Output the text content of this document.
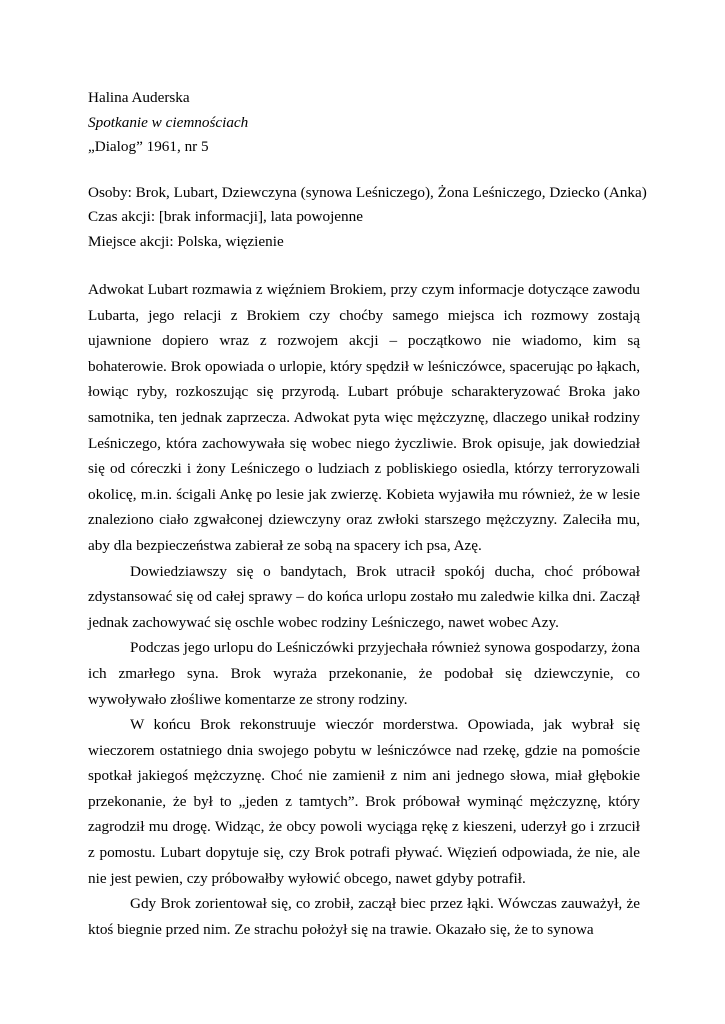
Halina Auderska

Spotkanie w ciemnościach

„Dialog” 1961, nr 5

Osoby: Brok, Lubart, Dziewczyna (synowa Leśniczego), Żona Leśniczego, Dziecko (Anka)

Czas akcji: [brak informacji], lata powojenne

Miejsce akcji: Polska, więzienie

Adwokat Lubart rozmawia z więźniem Brokiem, przy czym informacje dotyczące zawodu Lubarta, jego relacji z Brokiem czy choćby samego miejsca ich rozmowy zostają ujawnione dopiero wraz z rozwojem akcji – początkowo nie wiadomo, kim są bohaterowie. Brok opowiada o urlopie, który spędził w leśniczówce, spacerując po łąkach, łowiąc ryby, rozkoszując się przyrodą. Lubart próbuje scharakteryzować Broka jako samotnika, ten jednak zaprzecza. Adwokat pyta więc mężczyznę, dlaczego unikał rodziny Leśniczego, która zachowywała się wobec niego życzliwie. Brok opisuje, jak dowiedział się od córeczki i żony Leśniczego o ludziach z pobliskiego osiedla, którzy terroryzowali okolicę, m.in. ścigali Ankę po lesie jak zwierzę. Kobieta wyjawiła mu również, że w lesie znaleziono ciało zgwałconej dziewczyny oraz zwłoki starszego mężczyzny. Zaleciła mu, aby dla bezpieczeństwa zabierał ze sobą na spacery ich psa, Azę.

Dowiedziawszy się o bandytach, Brok utracił spokój ducha, choć próbował zdystansować się od całej sprawy – do końca urlopu zostało mu zaledwie kilka dni. Zaczął jednak zachowywać się oschle wobec rodziny Leśniczego, nawet wobec Azy.

Podczas jego urlopu do Leśniczówki przyjechała również synowa gospodarzy, żona ich zmarłego syna. Brok wyraża przekonanie, że podobał się dziewczynie, co wywoływało złośliwe komentarze ze strony rodziny.

W końcu Brok rekonstruuje wieczór morderstwa. Opowiada, jak wybrał się wieczorem ostatniego dnia swojego pobytu w leśniczówce nad rzekę, gdzie na pomoście spotkał jakiegoś mężczyznę. Choć nie zamienił z nim ani jednego słowa, miał głębokie przekonanie, że był to „jeden z tamtych”. Brok próbował wyminąć mężczyznę, który zagrodził mu drogę. Widząc, że obcy powoli wyciąga rękę z kieszeni, uderzył go i zrzucił z pomostu. Lubart dopytuje się, czy Brok potrafi pływać. Więzień odpowiada, że nie, ale nie jest pewien, czy próbowałby wyłowić obcego, nawet gdyby potrafił.

Gdy Brok zorientował się, co zrobił, zaczął biec przez łąki. Wówczas zauważył, że ktoś biegnie przed nim. Ze strachu położył się na trawie. Okazało się, że to synowa
